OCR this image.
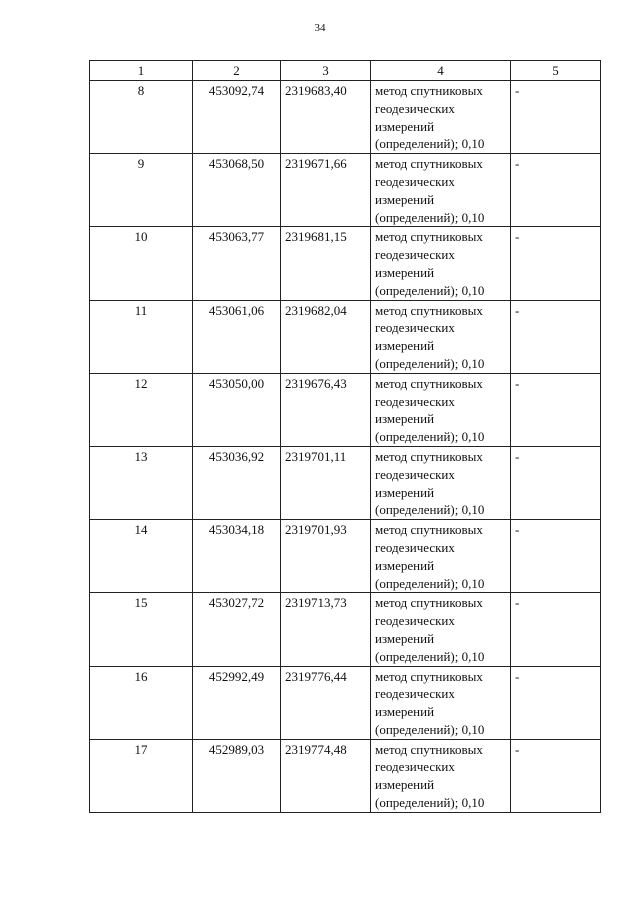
34
1	2	3	4	5
8	453092,74	2319683,40	метод спутниковых
геодезических
измерений
(определений); 0,10	-
9	453068,50	2319671,66	метод спутниковых
геодезических
измерений
(определений); 0,10	-
10	453063,77	2319681,15	метод спутниковых
геодезических
измерений
(определений); 0,10	-
11	453061,06	2319682,04	метод спутниковых
геодезических
измерений
(определений); 0,10	-
12	453050,00	2319676,43	метод спутниковых
геодезических
измерений
(определений); 0,10	-
13	453036,92	2319701,11	метод спутниковых
геодезических
измерений
(определений); 0,10	-
14	453034,18	2319701,93	метод спутниковых
геодезических
измерений
(определений); 0,10	-
15	453027,72	2319713,73	метод спутниковых
геодезических
измерений
(определений); 0,10	-
16	452992,49	2319776,44	метод спутниковых
геодезических
измерений
(определений); 0,10	-
17	452989,03	2319774,48	метод спутниковых
геодезических
измерений
(определений); 0,10	-
